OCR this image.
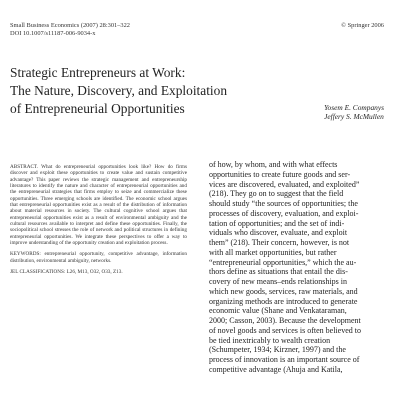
Small Business Economics (2007) 28:301–322
DOI 10.1007/s11187-006-9034-x
© Springer 2006
Strategic Entrepreneurs at Work:
The Nature, Discovery, and Exploitation
of Entrepreneurial Opportunities	Yosem E. Companys
Jeffery S. McMullen

ABSTRACT. What do entrepreneurial opportunities look like? How do firms discover and exploit these opportunities to create value and sustain competitive advantage? This paper reviews the strategic management and entrepreneurship literatures to identify the nature and character of entrepreneurial opportunities and the entrepreneurial strategies that firms employ to seize and commercialize these opportunities. Three emerging schools are identified. The economic school argues that entrepreneurial opportunities exist as a result of the distribution of information about material resources in society. The cultural cognitive school argues that entrepreneurial opportunities exist as a result of environmental ambiguity and the cultural resources available to interpret and define these opportunities. Finally, the sociopolitical school stresses the role of network and political structures in defining entrepreneurial opportunities. We integrate these perspectives to offer a way to improve understanding of the opportunity creation and exploitation process.

KEYWORDS: entrepreneurial opportunity, competitive advantage, information distribution, environmental ambiguity, networks.

JEL CLASSIFICATIONS: L26, M13, O32, O33, Z13.

of how, by whom, and with what effects
opportunities to create future goods and ser-
vices are discovered, evaluated, and exploited”
(218). They go on to suggest that the field
should study “the sources of opportunities; the
processes of discovery, evaluation, and exploi-
tation of opportunities; and the set of indi-
viduals who discover, evaluate, and exploit
them” (218). Their concern, however, is not
with all market opportunities, but rather
“entrepreneurial opportunities,” which the au-
thors define as situations that entail the dis-
covery of new means–ends relationships in
which new goods, services, raw materials, and
organizing methods are introduced to generate
economic value (Shane and Venkataraman,
2000; Casson, 2003). Because the development
of novel goods and services is often believed to
be tied inextricably to wealth creation
(Schumpeter, 1934; Kirzner, 1997) and the
process of innovation is an important source of
competitive advantage (Ahuja and Katila,
